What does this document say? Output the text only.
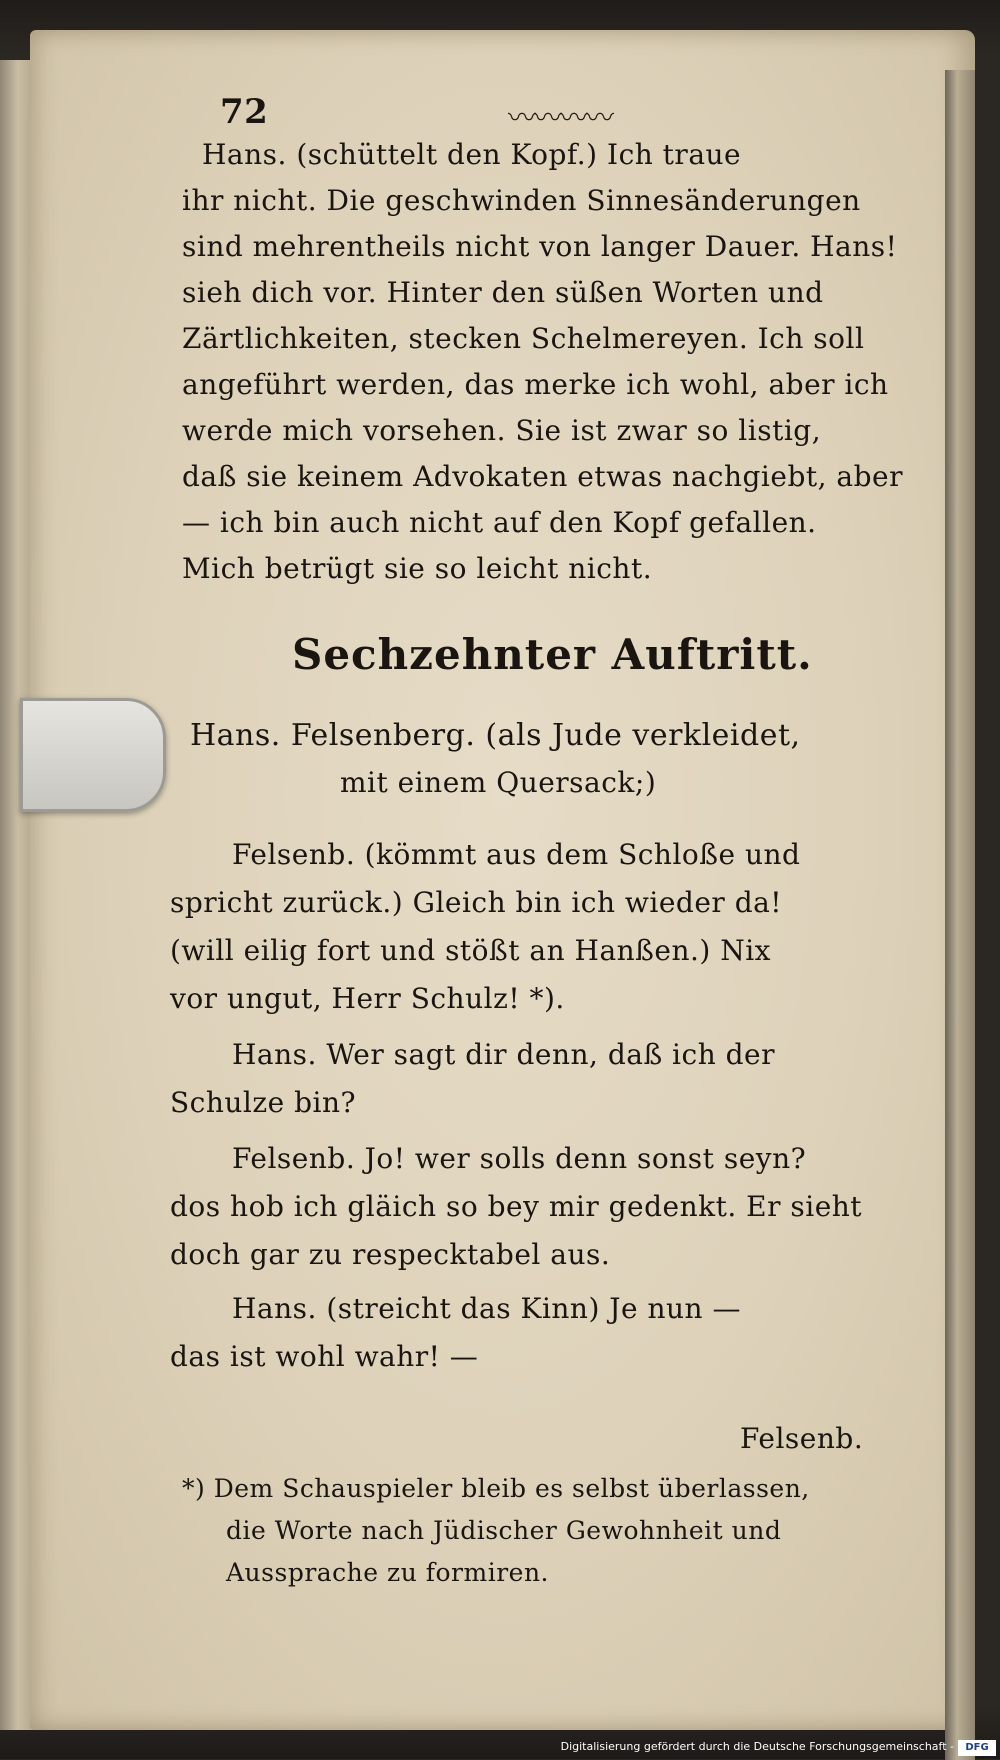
72	〰〰〰〰
Hans. (schüttelt den Kopf.) Ich traue
ihr nicht. Die geschwinden Sinnesänderungen
sind mehrentheils nicht von langer Dauer. Hans!
sieh dich vor. Hinter den süßen Worten und
Zärtlichkeiten, stecken Schelmereyen. Ich soll
angeführt werden, das merke ich wohl, aber ich
werde mich vorsehen. Sie ist zwar so listig,
daß sie keinem Advokaten etwas nachgiebt, aber
— ich bin auch nicht auf den Kopf gefallen.
Mich betrügt sie so leicht nicht.
Sechzehnter Auftritt.
Hans. Felsenberg. (als Jude verkleidet,
mit einem Quersack;)
Felsenb. (kömmt aus dem Schloße und
spricht zurück.) Gleich bin ich wieder da!
(will eilig fort und stößt an Hanßen.) Nix
vor ungut, Herr Schulz! *).
Hans. Wer sagt dir denn, daß ich der
Schulze bin?
Felsenb. Jo! wer solls denn sonst seyn?
dos hob ich gläich so bey mir gedenkt. Er sieht
doch gar zu respecktabel aus.
Hans. (streicht das Kinn) Je nun —
das ist wohl wahr! —
Felsenb.
*) Dem Schauspieler bleib es selbst überlassen,
die Worte nach Jüdischer Gewohnheit und
Aussprache zu formiren.
Digitalisierung gefördert durch die Deutsche Forschungsgemeinschaft -	DFG
